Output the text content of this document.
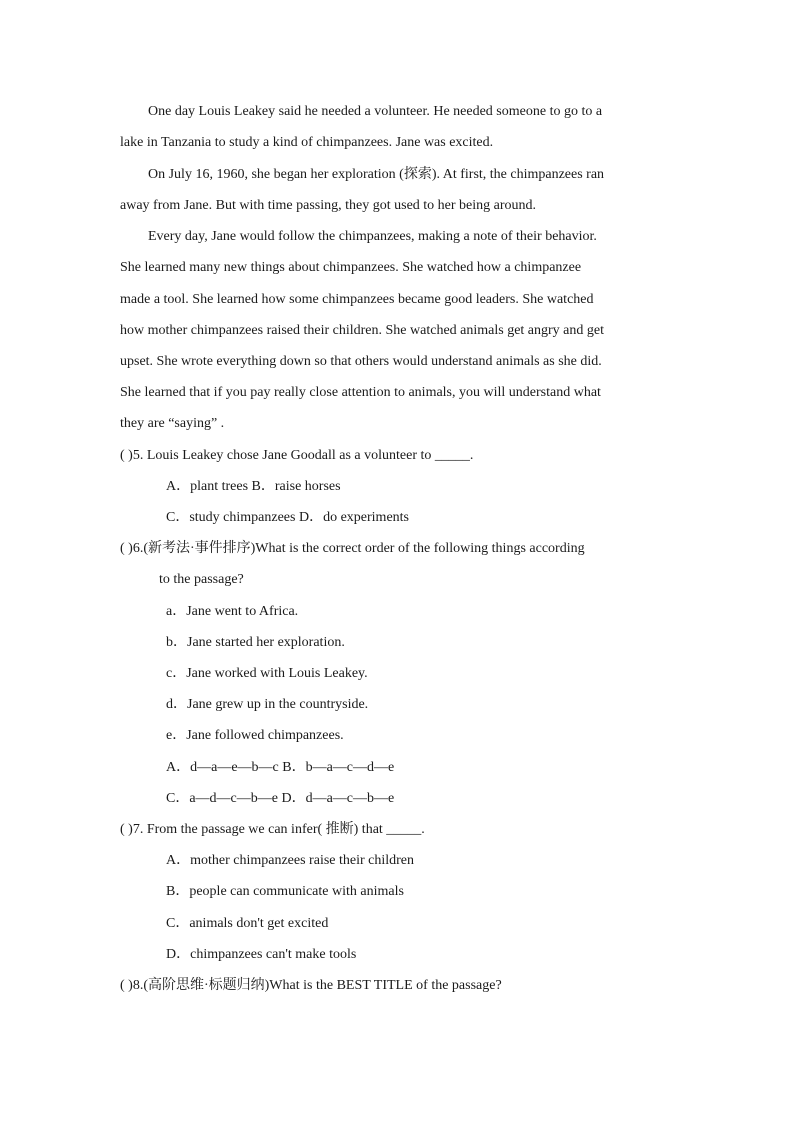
One day Louis Leakey said he needed a volunteer. He needed someone to go to a
lake in Tanzania to study a kind of chimpanzees. Jane was excited.
On July 16, 1960, she began her exploration (探索). At first, the chimpanzees ran
away from Jane. But with time passing, they got used to her being around.
Every day, Jane would follow the chimpanzees, making a note of their behavior.
She learned many new things about chimpanzees. She watched how a chimpanzee
made a tool. She learned how some chimpanzees became good leaders. She watched
how mother chimpanzees raised their children. She watched animals get angry and get
upset. She wrote everything down so that others would understand animals as she did.
She learned that if you pay really close attention to animals, you will understand what
they are “saying” .
( )5. Louis Leakey chose Jane Goodall as a volunteer to _____.
A．plant trees B．raise horses
C．study chimpanzees D．do experiments
( )6.(新考法·事件排序)What is the correct order of the following things according
to the passage?
a．Jane went to Africa.
b．Jane started her exploration.
c．Jane worked with Louis Leakey.
d．Jane grew up in the countryside.
e．Jane followed chimpanzees.
A．d—a—e—b—c B．b—a—c—d—e
C．a—d—c—b—e D．d—a—c—b—e
( )7. From the passage we can infer( 推断) that _____.
A．mother chimpanzees raise their children
B．people can communicate with animals
C．animals don't get excited
D．chimpanzees can't make tools
( )8.(高阶思维·标题归纳)What is the BEST TITLE of the passage?
